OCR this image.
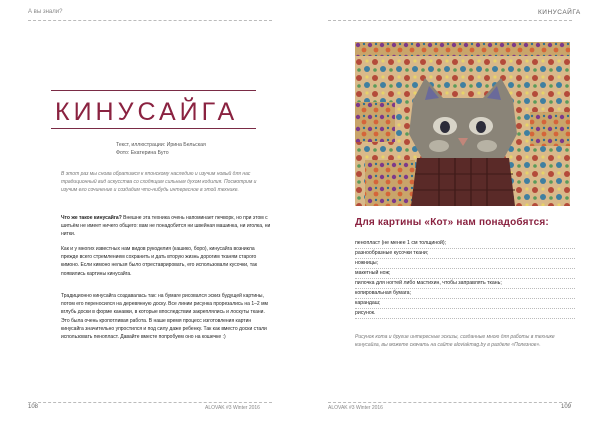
А вы знали?
КИНУСАЙГА
Текст, иллюстрации: Ирина Бельская
Фото: Екатерина Буто
В этот раз мы снова обратимся к японскому наследию и изучим новый для нас традиционный вид искусства со сходящим сильным духом кодилия. Посмотрим и изучим его сочинение и создадим что-нибудь интересное в этой технике.
Что же такое кинусайга? Внешне эта техника очень напоминает печворк, но при этом с шитьём не имеет ничего общего: вам не понадобится ни швейная машинка, ни иголка, ни нитки.
Как и у многих известных нам видов рукоделия (кашико, боро), кинусайга возникла прежде всего стремлением сохранить и дать вторую жизнь дорогим тканям старого кимоно. Если кимоно нельзя было отреставрировать, его использовали кусочки, так появились картины кинусайга.
Традиционно кинусайга создавалась так: на бумаге рисовался эскиз будущей картины, потом его переносился на деревянную доску. Все линии рисунка прорезались на 1–2 мм вглубь доски в форме канавки, в которые впоследствии закреплялись и лоскуты ткани. Это была очень кропотливая работа. В наше время процесс изготовления картин кинусайга значительно упростился и под силу даже ребенку. Так как вместо доски стали использовать пенопласт. Давайте вместе попробуем оно на кошечке :)
108	ALOVAK #3 Winter 2016
КИНУСАЙГА
Для картины «Кот» нам понадобятся:
пенопласт (не менее 1 см толщиной);
разнообразные кусочки ткани;
ножницы;
макетный нож;
пилочка для ногтей либо мастихин, чтобы заправлять ткань;
копировальная бумага;
карандаш;
рисунок.
Рисунок кота и другие интересные эскизы, созданные мною для работы в технике кинусайга, вы можете скачать на сайте aloviakmag.by в разделе «Полезное».
ALOVAK #3 Winter 2016	109
